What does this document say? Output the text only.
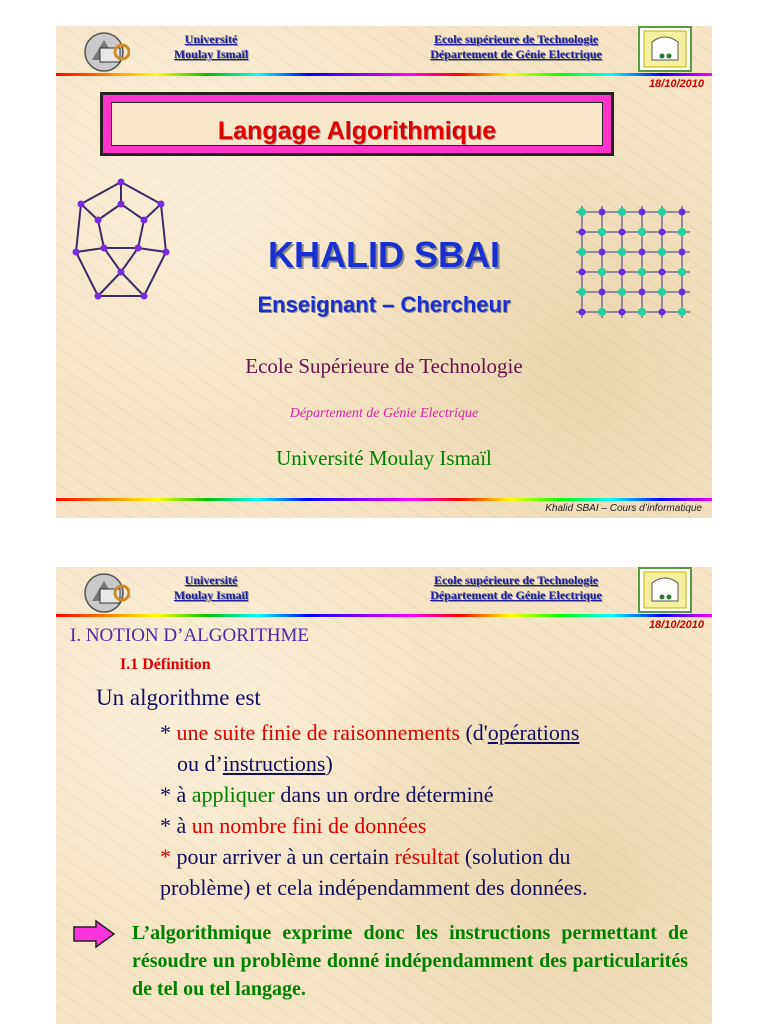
Université
Moulay Ismaïl
Ecole supérieure de Technologie
Département de Génie Electrique
18/10/2010
Langage Algorithmique
KHALID SBAI
Enseignant – Chercheur
Ecole Supérieure de Technologie
Département de Génie Electrique
Université Moulay Ismaïl
Khalid SBAI – Cours d’informatique
Université
Moulay Ismaïl
Ecole supérieure de Technologie
Département de Génie Electrique
18/10/2010
I. NOTION D’ALGORITHME
I.1 Définition
Un algorithme est
* une suite finie de raisonnements (d'opérations
ou d’instructions)
* à appliquer dans un ordre déterminé
* à un nombre fini de données
* pour arriver à un certain résultat (solution du
problème) et cela indépendamment des données.
L’algorithmique exprime donc les instructions permettant de résoudre un problème donné indépendamment des particularités de tel ou tel langage.
